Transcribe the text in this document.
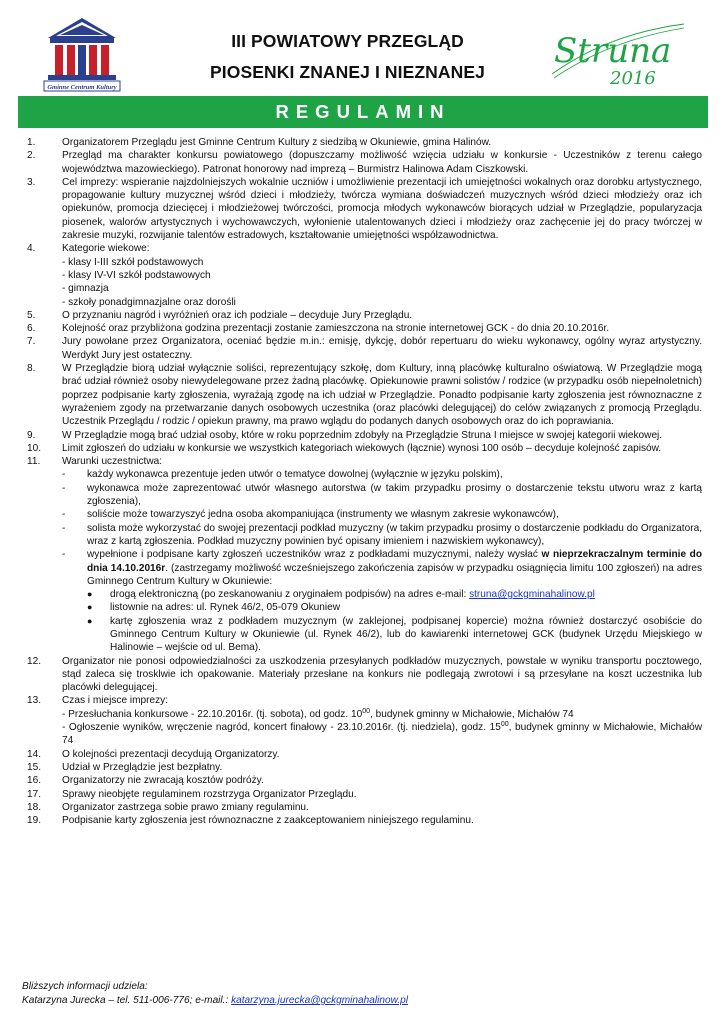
Gminne Centrum Kultury
III POWIATOWY PRZEGLĄD
PIOSENKI ZNANEJ I NIEZNANEJ
Struna
2016
REGULAMIN
1.	Organizatorem Przeglądu jest Gminne Centrum Kultury z siedzibą w Okuniewie, gmina Halinów.
2.	Przegląd ma charakter konkursu powiatowego (dopuszczamy możliwość wzięcia udziału w konkursie - Uczestników z terenu całego województwa mazowieckiego). Patronat honorowy nad imprezą – Burmistrz Halinowa Adam Ciszkowski.
3.	Cel imprezy: wspieranie najzdolniejszych wokalnie uczniów i umożliwienie prezentacji ich umiejętności wokalnych oraz dorobku artystycznego, propagowanie kultury muzycznej wśród dzieci i młodzieży, twórcza wymiana doświadczeń muzycznych wśród dzieci młodzieży oraz ich opiekunów, promocja dziecięcej i młodzieżowej twórczości, promocja młodych wykonawców biorących udział w Przeglądzie, popularyzacja piosenek, walorów artystycznych i wychowawczych, wyłonienie utalentowanych dzieci i młodzieży oraz zachęcenie jej do pracy twórczej w zakresie muzyki, rozwijanie talentów estradowych, kształtowanie umiejętności współzawodnictwa.
4.	Kategorie wiekowe:
- klasy I-III szkół podstawowych
- klasy IV-VI szkół podstawowych
- gimnazja
- szkoły ponadgimnazjalne oraz dorośli
5.	O przyznaniu nagród i wyróżnień oraz ich podziale – decyduje Jury Przeglądu.
6.	Kolejność oraz przybliżona godzina prezentacji zostanie zamieszczona na stronie internetowej GCK - do dnia 20.10.2016r.
7.	Jury powołane przez Organizatora, oceniać będzie m.in.: emisję, dykcję, dobór repertuaru do wieku wykonawcy, ogólny wyraz artystyczny. Werdykt Jury jest ostateczny.
8.	W Przeglądzie biorą udział wyłącznie soliści, reprezentujący szkołę, dom Kultury, inną placówkę kulturalno oświatową. W Przeglądzie mogą brać udział również osoby niewydelegowane przez żadną placówkę. Opiekunowie prawni solistów / rodzice (w przypadku osób niepełnoletnich) poprzez podpisanie karty zgłoszenia, wyrażają zgodę na ich udział w Przeglądzie. Ponadto podpisanie karty zgłoszenia jest równoznaczne z wyrażeniem zgody na przetwarzanie danych osobowych uczestnika (oraz placówki delegującej) do celów związanych z promocją Przeglądu. Uczestnik Przeglądu / rodzic / opiekun prawny, ma prawo wglądu do podanych danych osobowych oraz do ich poprawiania.
9.	W Przeglądzie mogą brać udział osoby, które w roku poprzednim zdobyły na Przeglądzie Struna I miejsce w swojej kategorii wiekowej.
10. Limit zgłoszeń do udziału w konkursie we wszystkich kategoriach wiekowych (łącznie) wynosi 100 osób – decyduje kolejność zapisów.
11. Warunki uczestnictwa:
- każdy wykonawca prezentuje jeden utwór o tematyce dowolnej (wyłącznie w języku polskim),
- wykonawca może zaprezentować utwór własnego autorstwa (w takim przypadku prosimy o dostarczenie tekstu utworu wraz z kartą zgłoszenia),
- soliście może towarzyszyć jedna osoba akompaniująca (instrumenty we własnym zakresie wykonawców),
- solista może wykorzystać do swojej prezentacji podkład muzyczny (w takim przypadku prosimy o dostarczenie podkładu do Organizatora, wraz z kartą zgłoszenia. Podkład muzyczny powinien być opisany imieniem i nazwiskiem wykonawcy),
- wypełnione i podpisane karty zgłoszeń uczestników wraz z podkładami muzycznymi, należy wysłać w nieprzekraczalnym terminie do dnia 14.10.2016r. (zastrzegamy możliwość wcześniejszego zakończenia zapisów w przypadku osiągnięcia limitu 100 zgłoszeń) na adres Gminnego Centrum Kultury w Okuniewie:
● drogą elektroniczną (po zeskanowaniu z oryginałem podpisów) na adres e-mail: struna@gckgminahalinow.pl
● listownie na adres: ul. Rynek 46/2, 05-079 Okuniew
● kartę zgłoszenia wraz z podkładem muzycznym (w zaklejonej, podpisanej kopercie) można również dostarczyć osobiście do Gminnego Centrum Kultury w Okuniewie (ul. Rynek 46/2), lub do kawiarenki internetowej GCK (budynek Urzędu Miejskiego w Halinowie – wejście od ul. Bema).
12. Organizator nie ponosi odpowiedzialności za uszkodzenia przesyłanych podkładów muzycznych, powstałe w wyniku transportu pocztowego, stąd zaleca się trosklwie ich opakowanie. Materiały przesłane na konkurs nie podlegają zwrotowi i są przesyłane na koszt uczestnika lub placówki delegującej.
13. Czas i miejsce imprezy:
- Przesłuchania konkursowe - 22.10.2016r. (tj. sobota), od godz. $10^{00}$, budynek gminny w Michałowie, Michałów 74
- Ogłoszenie wyników, wręczenie nagród, koncert finałowy - 23.10.2016r. (tj. niedziela), godz. $15^{00}$, budynek gminny w Michałowie, Michałów 74
14. O kolejności prezentacji decydują Organizatorzy.
15. Udział w Przeglądzie jest bezpłatny.
16. Organizatorzy nie zwracają kosztów podróży.
17. Sprawy nieobjęte regulaminem rozstrzyga Organizator Przeglądu.
18. Organizator zastrzega sobie prawo zmiany regulaminu.
19. Podpisanie karty zgłoszenia jest równoznaczne z zaakceptowaniem niniejszego regulaminu.
Bliższych informacji udziela:
Katarzyna Jurecka – tel. 511-006-776; e-mail.: katarzyna.jurecka@gckgminahalinow.pl
